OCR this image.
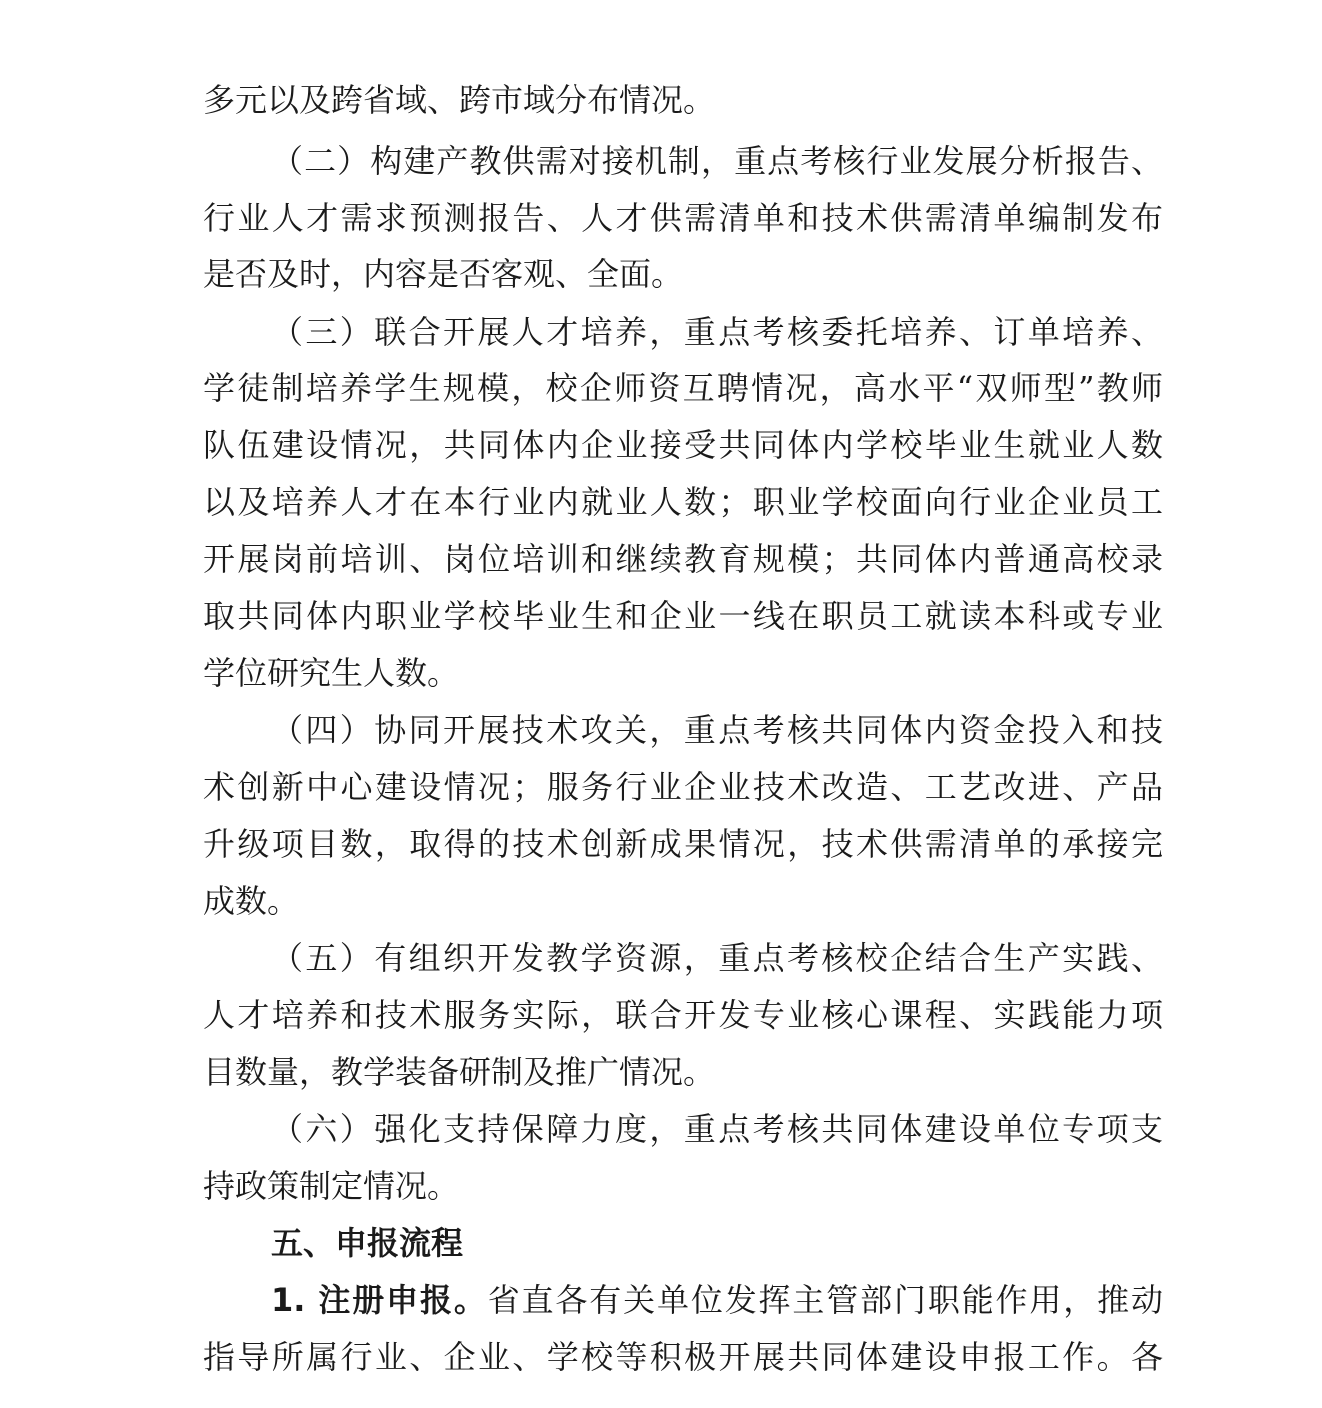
多元以及跨省域、跨市域分布情况。
（二）构建产教供需对接机制，重点考核行业发展分析报告、
行业人才需求预测报告、人才供需清单和技术供需清单编制发布
是否及时，内容是否客观、全面。
（三）联合开展人才培养，重点考核委托培养、订单培养、
学徒制培养学生规模，校企师资互聘情况，高水平“双师型”教师
队伍建设情况，共同体内企业接受共同体内学校毕业生就业人数
以及培养人才在本行业内就业人数；职业学校面向行业企业员工
开展岗前培训、岗位培训和继续教育规模；共同体内普通高校录
取共同体内职业学校毕业生和企业一线在职员工就读本科或专业
学位研究生人数。
（四）协同开展技术攻关，重点考核共同体内资金投入和技
术创新中心建设情况；服务行业企业技术改造、工艺改进、产品
升级项目数，取得的技术创新成果情况，技术供需清单的承接完
成数。
（五）有组织开发教学资源，重点考核校企结合生产实践、
人才培养和技术服务实际，联合开发专业核心课程、实践能力项
目数量，教学装备研制及推广情况。
（六）强化支持保障力度，重点考核共同体建设单位专项支
持政策制定情况。
五、申报流程
1. 注册申报。省直各有关单位发挥主管部门职能作用，推动
指导所属行业、企业、学校等积极开展共同体建设申报工作。各
